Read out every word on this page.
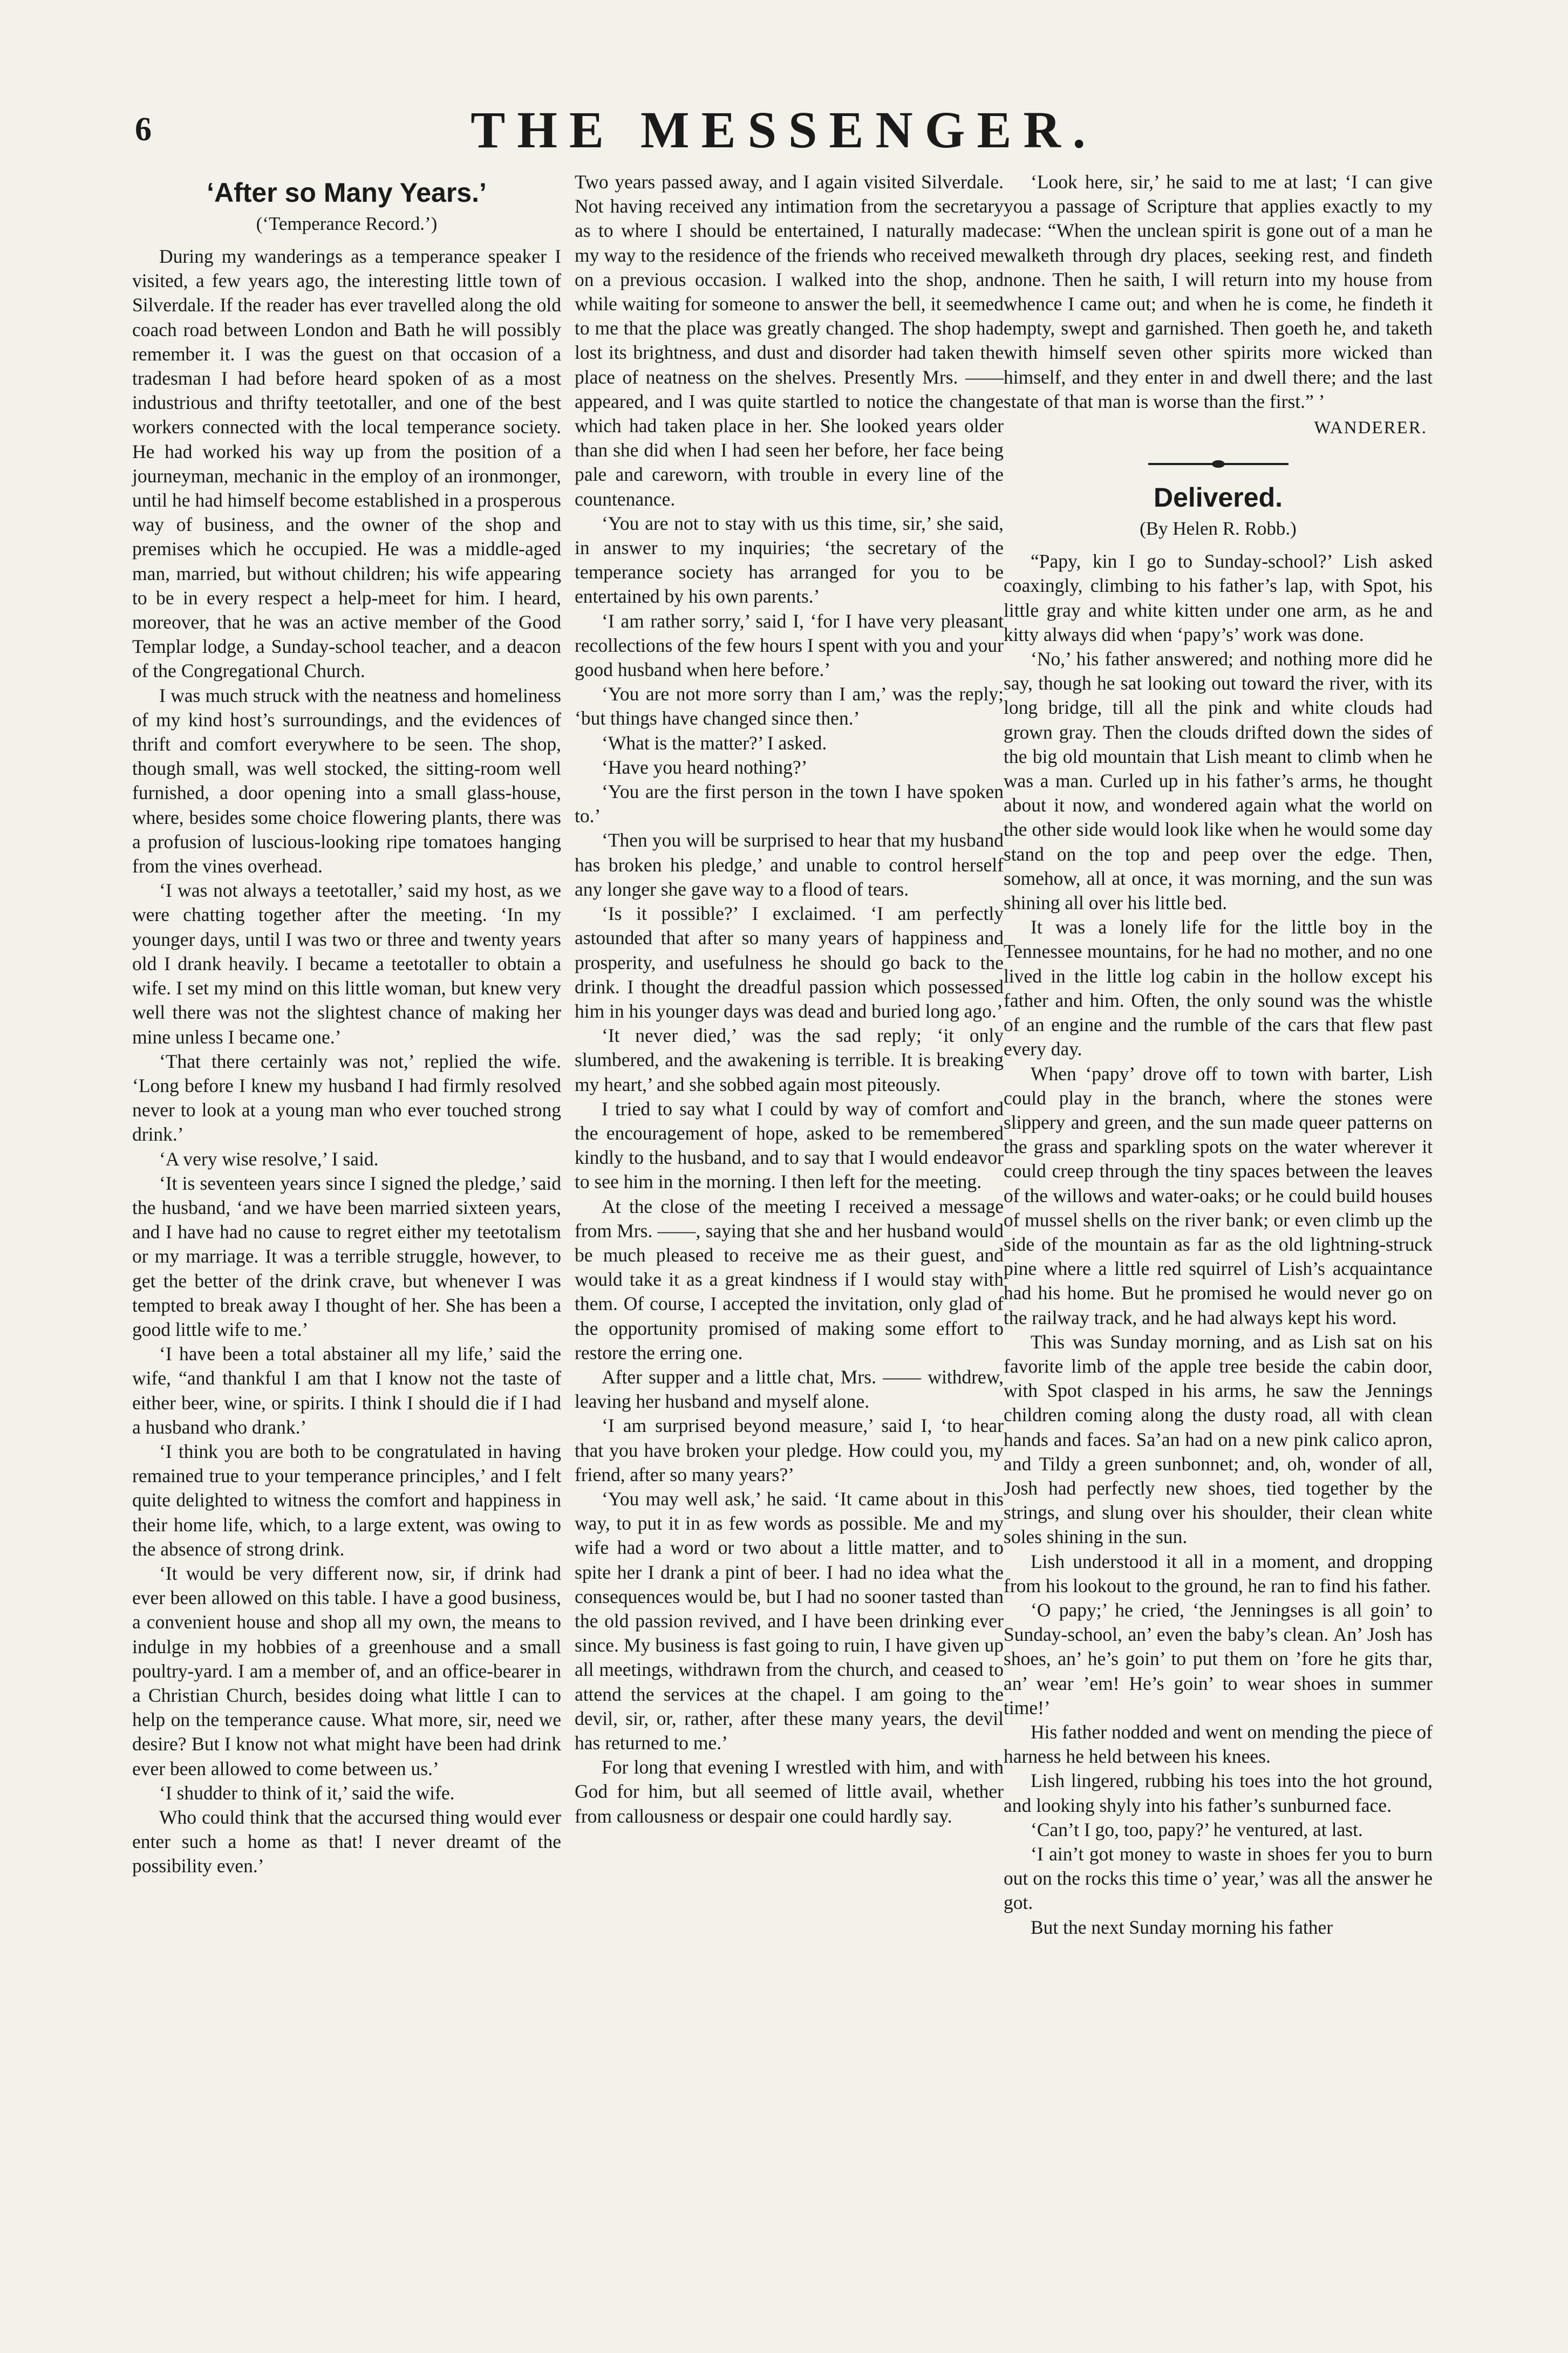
6	THE MESSENGER.
‘After so Many Years.’
(‘Temperance Record.’)

During my wanderings as a temperance speaker I visited, a few years ago, the interesting little town of Silverdale. If the reader has ever travelled along the old coach road between London and Bath he will possibly remember it. I was the guest on that occasion of a tradesman I had before heard spoken of as a most industrious and thrifty teetotaller, and one of the best workers connected with the local temperance society. He had worked his way up from the position of a journeyman, mechanic in the employ of an ironmonger, until he had himself become established in a prosperous way of business, and the owner of the shop and premises which he occupied. He was a middle-aged man, married, but without children; his wife appearing to be in every respect a help-meet for him. I heard, moreover, that he was an active member of the Good Templar lodge, a Sunday-school teacher, and a deacon of the Congregational Church.

I was much struck with the neatness and homeliness of my kind host’s surroundings, and the evidences of thrift and comfort everywhere to be seen. The shop, though small, was well stocked, the sitting-room well furnished, a door opening into a small glass-house, where, besides some choice flowering plants, there was a profusion of luscious-looking ripe tomatoes hanging from the vines overhead.

‘I was not always a teetotaller,’ said my host, as we were chatting together after the meeting. ‘In my younger days, until I was two or three and twenty years old I drank heavily. I became a teetotaller to obtain a wife. I set my mind on this little woman, but knew very well there was not the slightest chance of making her mine unless I became one.’

‘That there certainly was not,’ replied the wife. ‘Long before I knew my husband I had firmly resolved never to look at a young man who ever touched strong drink.’

‘A very wise resolve,’ I said.

‘It is seventeen years since I signed the pledge,’ said the husband, ‘and we have been married sixteen years, and I have had no cause to regret either my teetotalism or my marriage. It was a terrible struggle, however, to get the better of the drink crave, but whenever I was tempted to break away I thought of her. She has been a good little wife to me.’

‘I have been a total abstainer all my life,’ said the wife, “and thankful I am that I know not the taste of either beer, wine, or spirits. I think I should die if I had a husband who drank.’

‘I think you are both to be congratulated in having remained true to your temperance principles,’ and I felt quite delighted to witness the comfort and happiness in their home life, which, to a large extent, was owing to the absence of strong drink.

‘It would be very different now, sir, if drink had ever been allowed on this table. I have a good business, a convenient house and shop all my own, the means to indulge in my hobbies of a greenhouse and a small poultry-yard. I am a member of, and an office-bearer in a Christian Church, besides doing what little I can to help on the temperance cause. What more, sir, need we desire? But I know not what might have been had drink ever been allowed to come between us.’

‘I shudder to think of it,’ said the wife.

Who could think that the accursed thing would ever enter such a home as that! I never dreamt of the possibility even.’

Two years passed away, and I again visited Silverdale. Not having received any intimation from the secretary as to where I should be entertained, I naturally made my way to the residence of the friends who received me on a previous occasion. I walked into the shop, and while waiting for someone to answer the bell, it seemed to me that the place was greatly changed. The shop had lost its brightness, and dust and disorder had taken the place of neatness on the shelves. Presently Mrs. —— appeared, and I was quite startled to notice the change which had taken place in her. She looked years older than she did when I had seen her before, her face being pale and careworn, with trouble in every line of the countenance.

‘You are not to stay with us this time, sir,’ she said, in answer to my inquiries; ‘the secretary of the temperance society has arranged for you to be entertained by his own parents.’

‘I am rather sorry,’ said I, ‘for I have very pleasant recollections of the few hours I spent with you and your good husband when here before.’

‘You are not more sorry than I am,’ was the reply; ‘but things have changed since then.’

‘What is the matter?’ I asked.

‘Have you heard nothing?’

‘You are the first person in the town I have spoken to.’

‘Then you will be surprised to hear that my husband has broken his pledge,’ and unable to control herself any longer she gave way to a flood of tears.

‘Is it possible?’ I exclaimed. ‘I am perfectly astounded that after so many years of happiness and prosperity, and usefulness he should go back to the drink. I thought the dreadful passion which possessed him in his younger days was dead and buried long ago.’

‘It never died,’ was the sad reply; ‘it only slumbered, and the awakening is terrible. It is breaking my heart,’ and she sobbed again most piteously.

I tried to say what I could by way of comfort and the encouragement of hope, asked to be remembered kindly to the husband, and to say that I would endeavor to see him in the morning. I then left for the meeting.

At the close of the meeting I received a message from Mrs. ——, saying that she and her husband would be much pleased to receive me as their guest, and would take it as a great kindness if I would stay with them. Of course, I accepted the invitation, only glad of the opportunity promised of making some effort to restore the erring one.

After supper and a little chat, Mrs. —— withdrew, leaving her husband and myself alone.

‘I am surprised beyond measure,’ said I, ‘to hear that you have broken your pledge. How could you, my friend, after so many years?’

‘You may well ask,’ he said. ‘It came about in this way, to put it in as few words as possible. Me and my wife had a word or two about a little matter, and to spite her I drank a pint of beer. I had no idea what the consequences would be, but I had no sooner tasted than the old passion revived, and I have been drinking ever since. My business is fast going to ruin, I have given up all meetings, withdrawn from the church, and ceased to attend the services at the chapel. I am going to the devil, sir, or, rather, after these many years, the devil has returned to me.’

For long that evening I wrestled with him, and with God for him, but all seemed of little avail, whether from callousness or despair one could hardly say.

‘Look here, sir,’ he said to me at last; ‘I can give you a passage of Scripture that applies exactly to my case: “When the unclean spirit is gone out of a man he walketh through dry places, seeking rest, and findeth none. Then he saith, I will return into my house from whence I came out; and when he is come, he findeth it empty, swept and garnished. Then goeth he, and taketh with himself seven other spirits more wicked than himself, and they enter in and dwell there; and the last state of that man is worse than the first.” ’

WANDERER.
Delivered.
(By Helen R. Robb.)

“Papy, kin I go to Sunday-school?’ Lish asked coaxingly, climbing to his father’s lap, with Spot, his little gray and white kitten under one arm, as he and kitty always did when ‘papy’s’ work was done.

‘No,’ his father answered; and nothing more did he say, though he sat looking out toward the river, with its long bridge, till all the pink and white clouds had grown gray. Then the clouds drifted down the sides of the big old mountain that Lish meant to climb when he was a man. Curled up in his father’s arms, he thought about it now, and wondered again what the world on the other side would look like when he would some day stand on the top and peep over the edge. Then, somehow, all at once, it was morning, and the sun was shining all over his little bed.

It was a lonely life for the little boy in the Tennessee mountains, for he had no mother, and no one lived in the little log cabin in the hollow except his father and him. Often, the only sound was the whistle of an engine and the rumble of the cars that flew past every day.

When ‘papy’ drove off to town with barter, Lish could play in the branch, where the stones were slippery and green, and the sun made queer patterns on the grass and sparkling spots on the water wherever it could creep through the tiny spaces between the leaves of the willows and water-oaks; or he could build houses of mussel shells on the river bank; or even climb up the side of the mountain as far as the old lightning-struck pine where a little red squirrel of Lish’s acquaintance had his home. But he promised he would never go on the railway track, and he had always kept his word.

This was Sunday morning, and as Lish sat on his favorite limb of the apple tree beside the cabin door, with Spot clasped in his arms, he saw the Jennings children coming along the dusty road, all with clean hands and faces. Sa’an had on a new pink calico apron, and Tildy a green sunbonnet; and, oh, wonder of all, Josh had perfectly new shoes, tied together by the strings, and slung over his shoulder, their clean white soles shining in the sun.

Lish understood it all in a moment, and dropping from his lookout to the ground, he ran to find his father.

‘O papy;’ he cried, ‘the Jenningses is all goin’ to Sunday-school, an’ even the baby’s clean. An’ Josh has shoes, an’ he’s goin’ to put them on ’fore he gits thar, an’ wear ’em! He’s goin’ to wear shoes in summer time!’

His father nodded and went on mending the piece of harness he held between his knees.

Lish lingered, rubbing his toes into the hot ground, and looking shyly into his father’s sunburned face.

‘Can’t I go, too, papy?’ he ventured, at last.

‘I ain’t got money to waste in shoes fer you to burn out on the rocks this time o’ year,’ was all the answer he got.

But the next Sunday morning his father
